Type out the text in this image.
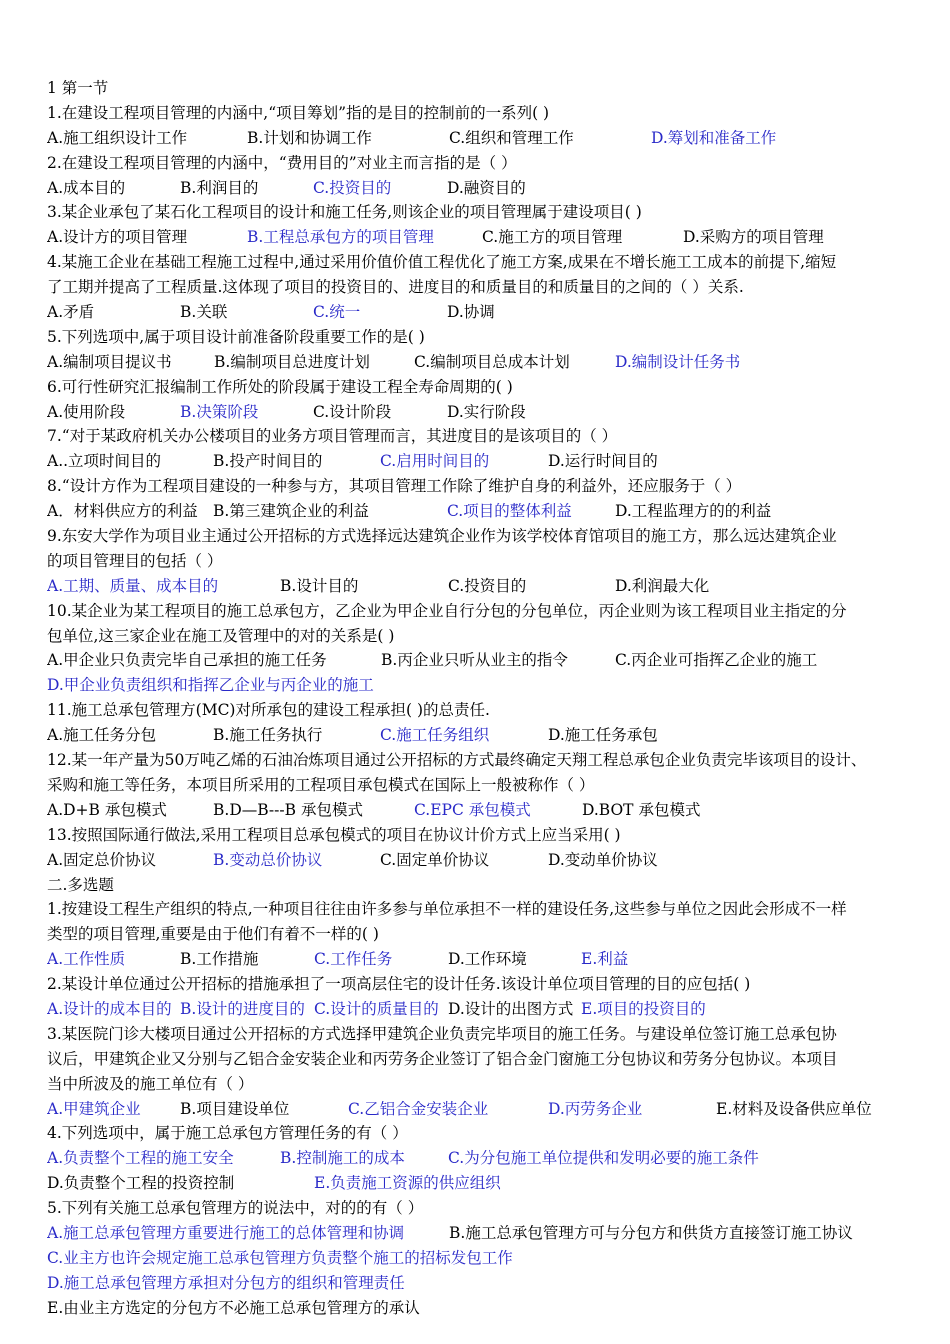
1 第一节
1.在建设工程项目管理的内涵中,“项目筹划”指的是目的控制前的一系列( )
A.施工组织设计工作	B.计划和协调工作	C.组织和管理工作	D.筹划和准备工作
2.在建设工程项目管理的内涵中，“费用目的”对业主而言指的是（ ）
A.成本目的	B.利润目的	C.投资目的	D.融资目的
3.某企业承包了某石化工程项目的设计和施工任务,则该企业的项目管理属于建设项目( )
A.设计方的项目管理	B.工程总承包方的项目管理	C.施工方的项目管理	D.采购方的项目管理
4.某施工企业在基础工程施工过程中,通过采用价值价值工程优化了施工方案,成果在不增长施工工成本的前提下,缩短
了工期并提高了工程质量.这体现了项目的投资目的、进度目的和质量目的和质量目的之间的（ ）关系.
A.矛盾	B.关联	C.统一	D.协调
5.下列选项中,属于项目设计前准备阶段重要工作的是( )
A.编制项目提议书	B.编制项目总进度计划	C.编制项目总成本计划	D.编制设计任务书
6.可行性研究汇报编制工作所处的阶段属于建设工程全寿命周期的( )
A.使用阶段	B.决策阶段	C.设计阶段	D.实行阶段
7.“对于某政府机关办公楼项目的业务方项目管理而言，其进度目的是该项目的（ ）
A..立项时间目的	B.投产时间目的	C.启用时间目的	D.运行时间目的
8.“设计方作为工程项目建设的一种参与方，其项目管理工作除了维护自身的利益外，还应服务于（ ）
A．材料供应方的利益 B.第三建筑企业的利益	C.项目的整体利益	D.工程监理方的的利益
9.东安大学作为项目业主通过公开招标的方式选择远达建筑企业作为该学校体育馆项目的施工方，那么远达建筑企业
的项目管理目的包括（ ）
A.工期、质量、成本目的	B.设计目的	C.投资目的	D.利润最大化
10.某企业为某工程项目的施工总承包方，乙企业为甲企业自行分包的分包单位，丙企业则为该工程项目业主指定的分
包单位,这三家企业在施工及管理中的对的关系是( )
A.甲企业只负责完毕自己承担的施工任务	B.丙企业只听从业主的指令	C.丙企业可指挥乙企业的施工
D.甲企业负责组织和指挥乙企业与丙企业的施工
11.施工总承包管理方(MC)对所承包的建设工程承担( )的总责任.
A.施工任务分包	B.施工任务执行	C.施工任务组织	D.施工任务承包
12.某一年产量为50万吨乙烯的石油冶炼项目通过公开招标的方式最终确定天翔工程总承包企业负责完毕该项目的设计、
采购和施工等任务，本项目所采用的工程项目承包模式在国际上一般被称作（ ）
A.D+B 承包模式	B.D—B---B 承包模式	C.EPC 承包模式	D.BOT 承包模式
13.按照国际通行做法,采用工程项目总承包模式的项目在协议计价方式上应当采用( )
A.固定总价协议	B.变动总价协议	C.固定单价协议	D.变动单价协议
二.多选题
1.按建设工程生产组织的特点,一种项目往往由许多参与单位承担不一样的建设任务,这些参与单位之因此会形成不一样
类型的项目管理,重要是由于他们有着不一样的( )
A.工作性质	B.工作措施	C.工作任务	D.工作环境	E.利益
2.某设计单位通过公开招标的措施承担了一项高层住宅的设计任务.该设计单位项目管理的目的应包括( )
A.设计的成本目的 B.设计的进度目的 C.设计的质量目的 D.设计的出图方式 E.项目的投资目的
3.某医院门诊大楼项目通过公开招标的方式选择甲建筑企业负责完毕项目的施工任务。与建设单位签订施工总承包协
议后，甲建筑企业又分别与乙铝合金安装企业和丙劳务企业签订了铝合金门窗施工分包协议和劳务分包协议。本项目
当中所波及的施工单位有（ ）
A.甲建筑企业	B.项目建设单位	C.乙铝合金安装企业	D.丙劳务企业	E.材料及设备供应单位
4.下列选项中，属于施工总承包方管理任务的有（ ）
A.负责整个工程的施工安全	B.控制施工的成本	C.为分包施工单位提供和发明必要的施工条件
D.负责整个工程的投资控制	E.负责施工资源的供应组织
5.下列有关施工总承包管理方的说法中，对的的有（ ）
A.施工总承包管理方重要进行施工的总体管理和协调	B.施工总承包管理方可与分包方和供货方直接签订施工协议
C.业主方也许会规定施工总承包管理方负责整个施工的招标发包工作
D.施工总承包管理方承担对分包方的组织和管理责任
E.由业主方选定的分包方不必施工总承包管理方的承认
